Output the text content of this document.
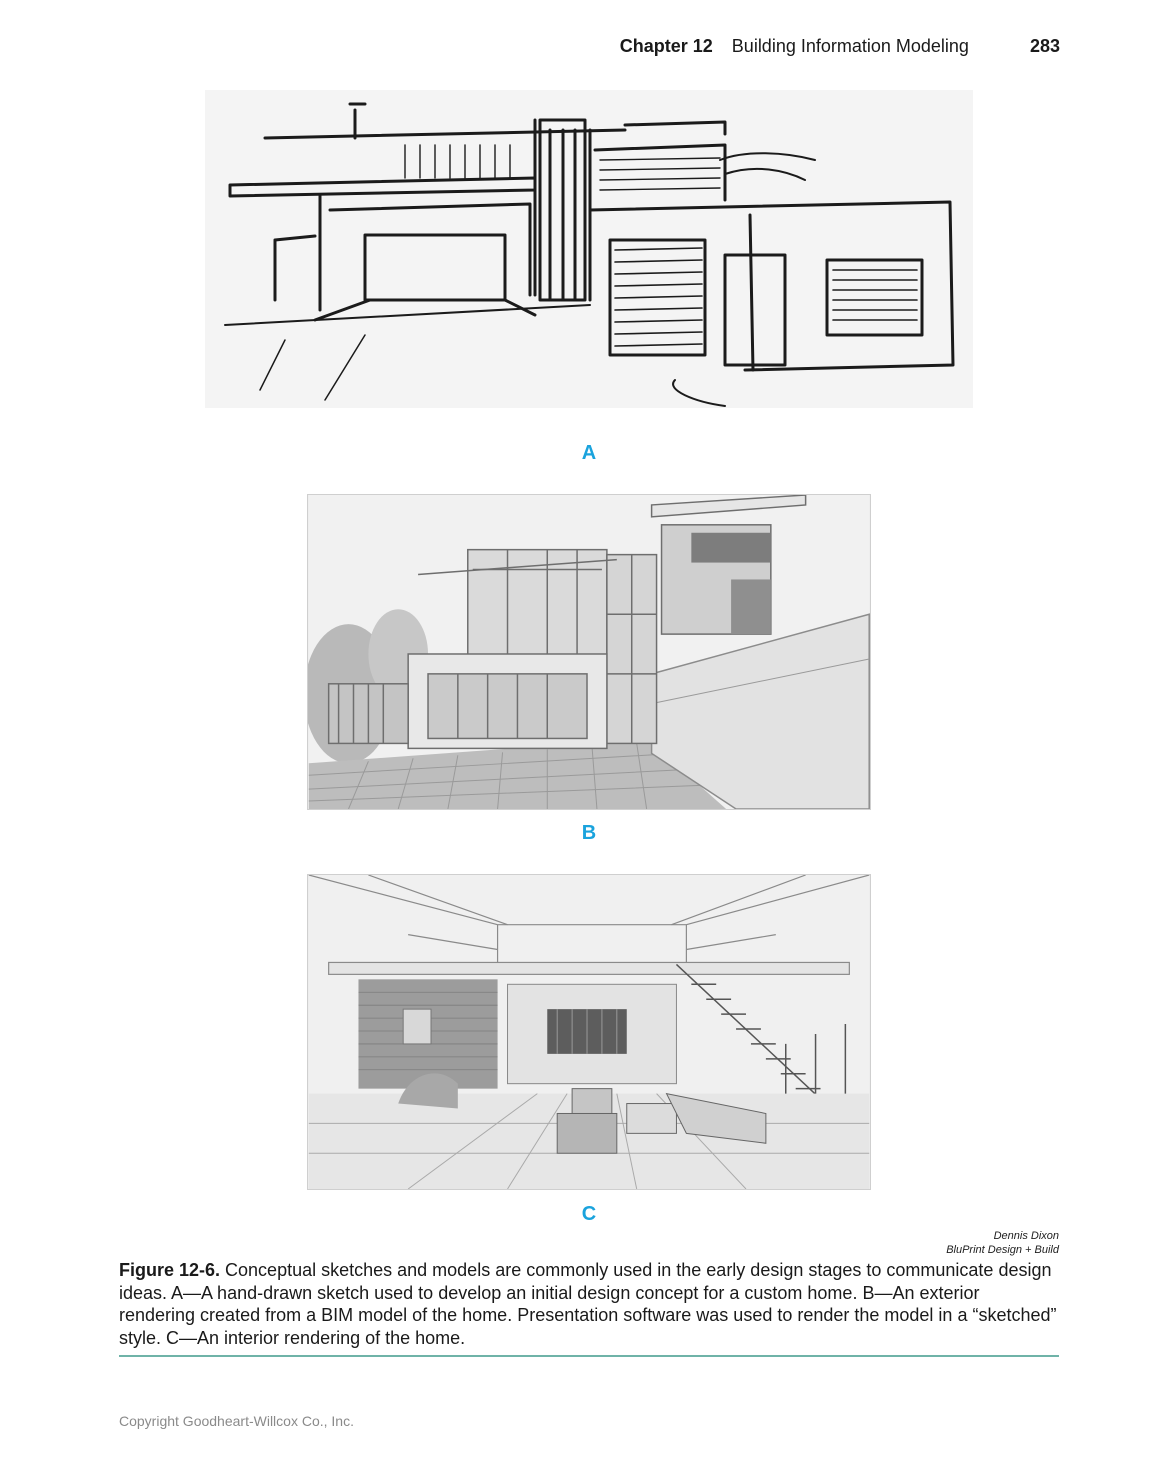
Chapter 12 Building Information Modeling	283
A
B
C
Dennis Dixon
BluPrint Design + Build
Figure 12-6. Conceptual sketches and models are commonly used in the early design stages to communicate design ideas. A—A hand-drawn sketch used to develop an initial design concept for a custom home. B—An exterior rendering created from a BIM model of the home. Presentation software was used to render the model in a “sketched” style. C—An interior rendering of the home.
Copyright Goodheart-Willcox Co., Inc.
